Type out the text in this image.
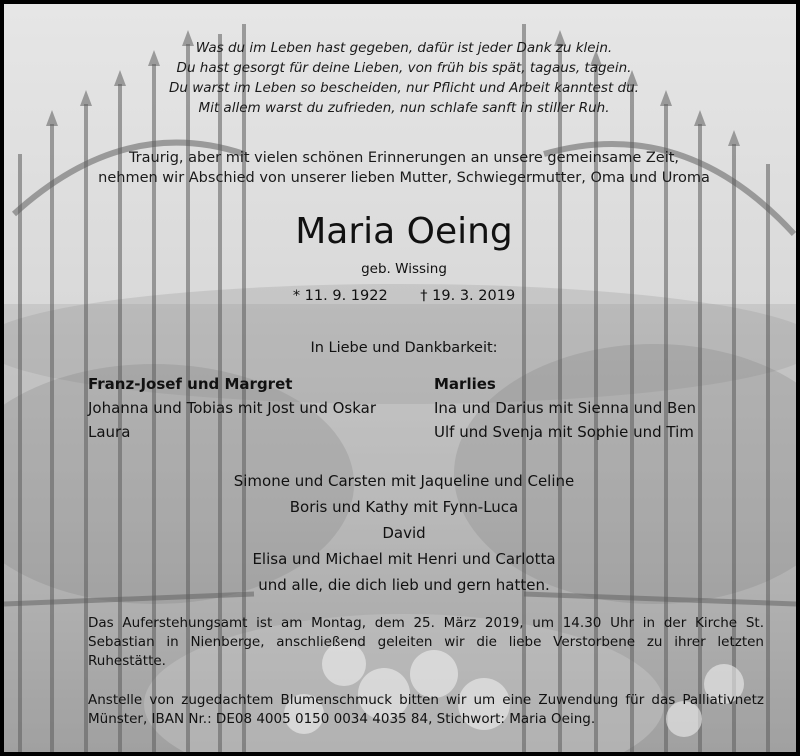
Was du im Leben hast gegeben, dafür ist jeder Dank zu klein.
Du hast gesorgt für deine Lieben, von früh bis spät, tagaus, tagein.
Du warst im Leben so bescheiden, nur Pflicht und Arbeit kanntest du.
Mit allem warst du zufrieden, nun schlafe sanft in stiller Ruh.
Traurig, aber mit vielen schönen Erinnerungen an unsere gemeinsame Zeit,
nehmen wir Abschied von unserer lieben Mutter, Schwiegermutter, Oma und Uroma
Maria Oeing
geb. Wissing
* 11. 9. 1922 † 19. 3. 2019
In Liebe und Dankbarkeit:
Franz-Josef und Margret
Johanna und Tobias mit Jost und Oskar
Laura
Marlies
Ina und Darius mit Sienna und Ben
Ulf und Svenja mit Sophie und Tim
Simone und Carsten mit Jaqueline und Celine
Boris und Kathy mit Fynn-Luca
David
Elisa und Michael mit Henri und Carlotta
und alle, die dich lieb und gern hatten.
Das Auferstehungsamt ist am Montag, dem 25. März 2019, um 14.30 Uhr in der Kirche St. Sebastian in Nienberge, anschließend geleiten wir die liebe Verstorbene zu ihrer letzten Ruhestätte.
Anstelle von zugedachtem Blumenschmuck bitten wir um eine Zuwendung für das Palliativnetz Münster, IBAN Nr.: DE08 4005 0150 0034 4035 84, Stichwort: Maria Oeing.
